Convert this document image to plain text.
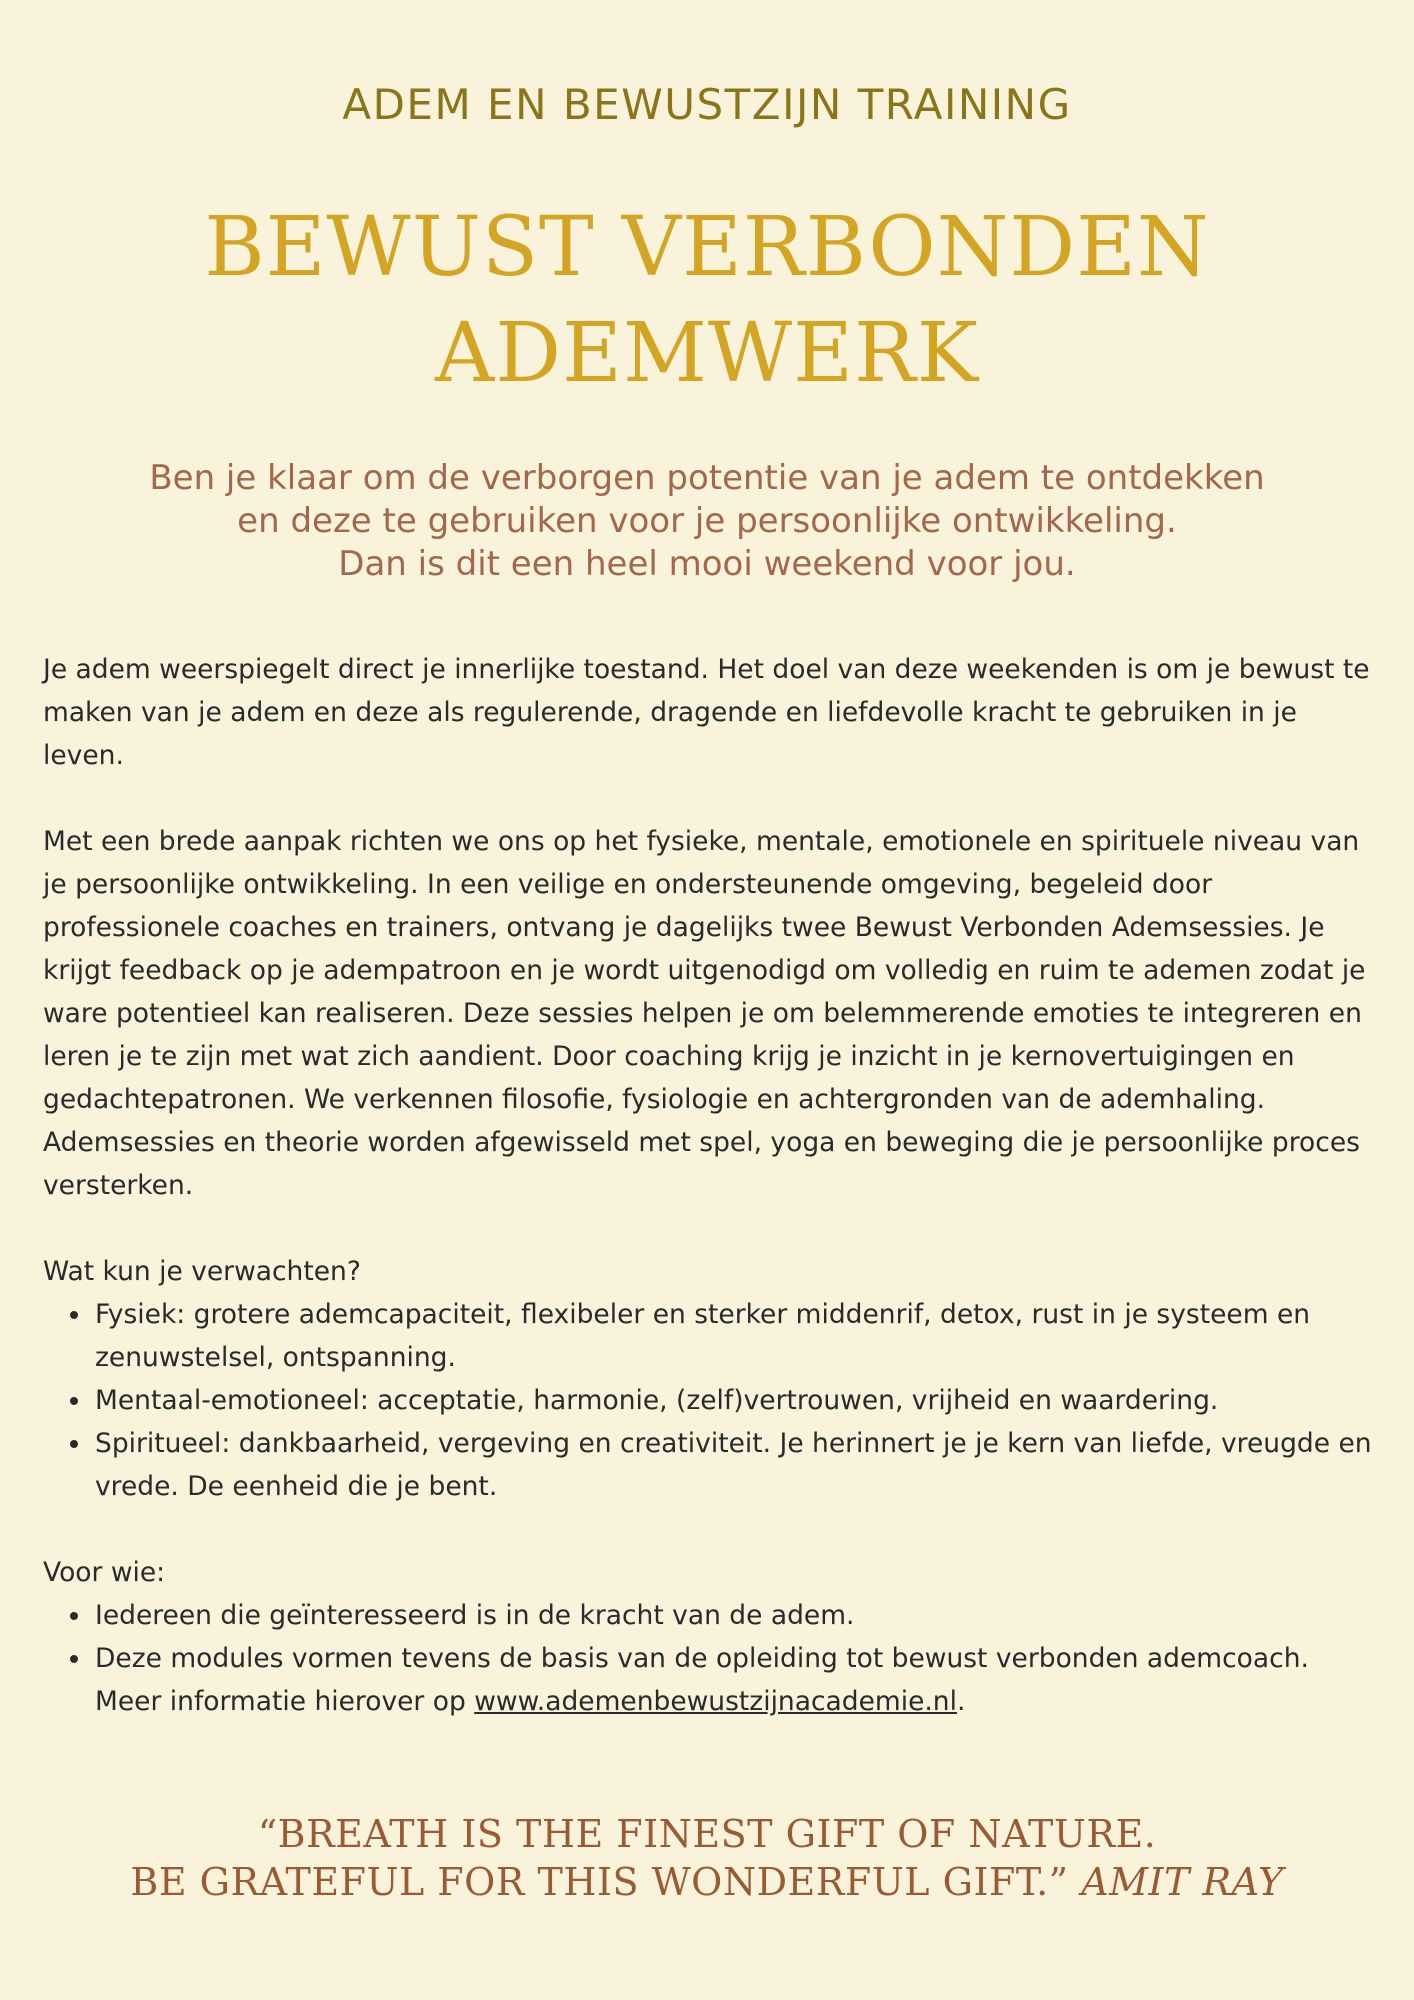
ADEM EN BEWUSTZIJN TRAINING
BEWUST VERBONDEN
ADEMWERK
Ben je klaar om de verborgen potentie van je adem te ontdekken
en deze te gebruiken voor je persoonlijke ontwikkeling.
Dan is dit een heel mooi weekend voor jou.

Je adem weerspiegelt direct je innerlijke toestand. Het doel van deze weekenden is om je bewust te maken van je adem en deze als regulerende, dragende en liefdevolle kracht te gebruiken in je leven.

Met een brede aanpak richten we ons op het fysieke, mentale, emotionele en spirituele niveau van je persoonlijke ontwikkeling. In een veilige en ondersteunende omgeving, begeleid door professionele coaches en trainers, ontvang je dagelijks twee Bewust Verbonden Ademsessies. Je krijgt feedback op je adempatroon en je wordt uitgenodigd om volledig en ruim te ademen zodat je ware potentieel kan realiseren. Deze sessies helpen je om belemmerende emoties te integreren en leren je te zijn met wat zich aandient. Door coaching krijg je inzicht in je kernovertuigingen en gedachtepatronen. We verkennen filosofie, fysiologie en achtergronden van de ademhaling. Ademsessies en theorie worden afgewisseld met spel, yoga en beweging die je persoonlijke proces versterken.

Wat kun je verwachten?
• Fysiek: grotere ademcapaciteit, flexibeler en sterker middenrif, detox, rust in je systeem en zenuwstelsel, ontspanning.
• Mentaal-emotioneel: acceptatie, harmonie, (zelf)vertrouwen, vrijheid en waardering.
• Spiritueel: dankbaarheid, vergeving en creativiteit. Je herinnert je je kern van liefde, vreugde en vrede. De eenheid die je bent.
Voor wie:
• Iedereen die geïnteresseerd is in de kracht van de adem.
• Deze modules vormen tevens de basis van de opleiding tot bewust verbonden ademcoach. Meer informatie hierover op www.ademenbewustzijnacademie.nl.
“BREATH IS THE FINEST GIFT OF NATURE.
BE GRATEFUL FOR THIS WONDERFUL GIFT.” AMIT RAY
